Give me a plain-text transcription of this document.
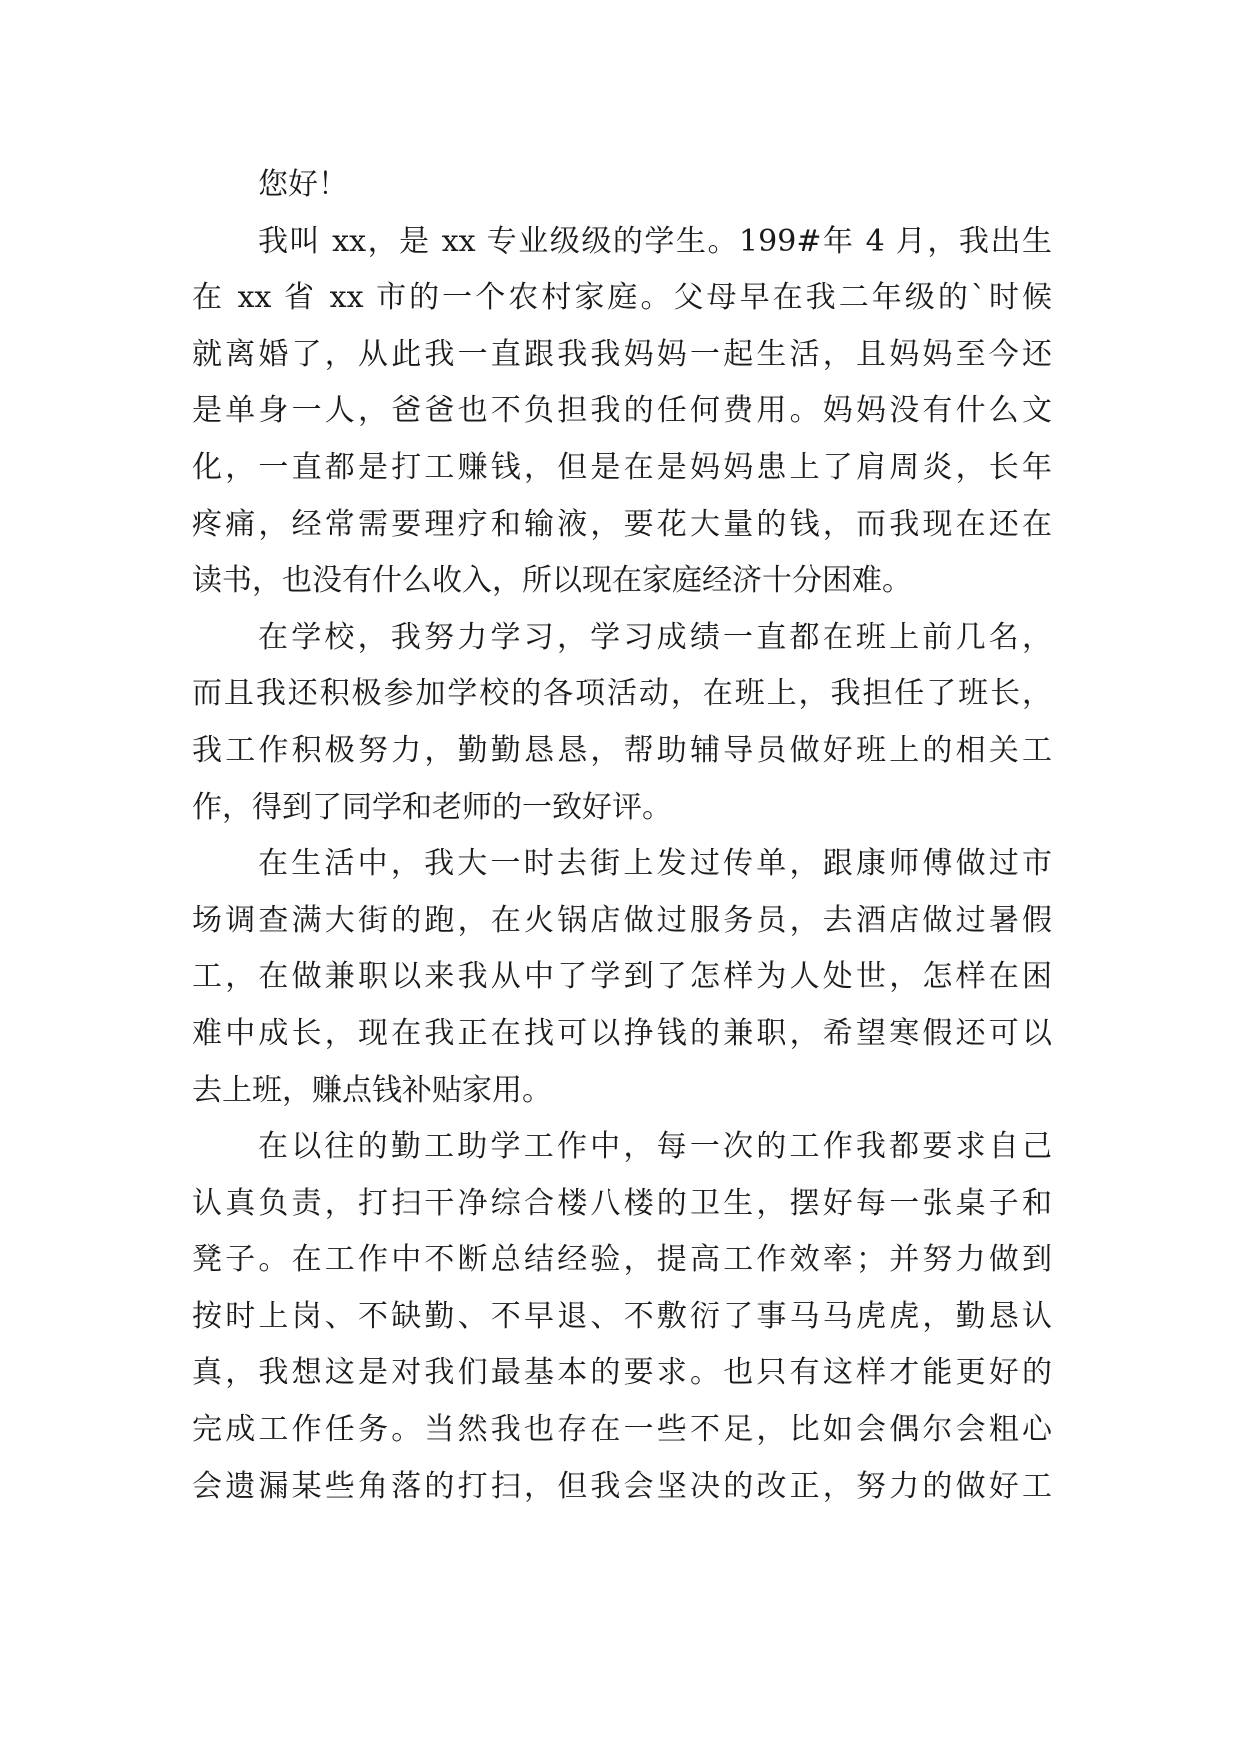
您好！
我叫 xx，是 xx 专业级级的学生。199#年 4 月，我出生
在 xx 省 xx 市的一个农村家庭。父母早在我二年级的`时候
就离婚了，从此我一直跟我我妈妈一起生活，且妈妈至今还
是单身一人，爸爸也不负担我的任何费用。妈妈没有什么文
化，一直都是打工赚钱，但是在是妈妈患上了肩周炎，长年
疼痛，经常需要理疗和输液，要花大量的钱，而我现在还在
读书，也没有什么收入，所以现在家庭经济十分困难。
在学校，我努力学习，学习成绩一直都在班上前几名，
而且我还积极参加学校的各项活动，在班上，我担任了班长，
我工作积极努力，勤勤恳恳，帮助辅导员做好班上的相关工
作，得到了同学和老师的一致好评。
在生活中，我大一时去街上发过传单，跟康师傅做过市
场调查满大街的跑，在火锅店做过服务员，去酒店做过暑假
工，在做兼职以来我从中了学到了怎样为人处世，怎样在困
难中成长，现在我正在找可以挣钱的兼职，希望寒假还可以
去上班，赚点钱补贴家用。
在以往的勤工助学工作中，每一次的工作我都要求自己
认真负责，打扫干净综合楼八楼的卫生，摆好每一张桌子和
凳子。在工作中不断总结经验，提高工作效率；并努力做到
按时上岗、不缺勤、不早退、不敷衍了事马马虎虎，勤恳认
真，我想这是对我们最基本的要求。也只有这样才能更好的
完成工作任务。当然我也存在一些不足，比如会偶尔会粗心
会遗漏某些角落的打扫，但我会坚决的改正，努力的做好工
